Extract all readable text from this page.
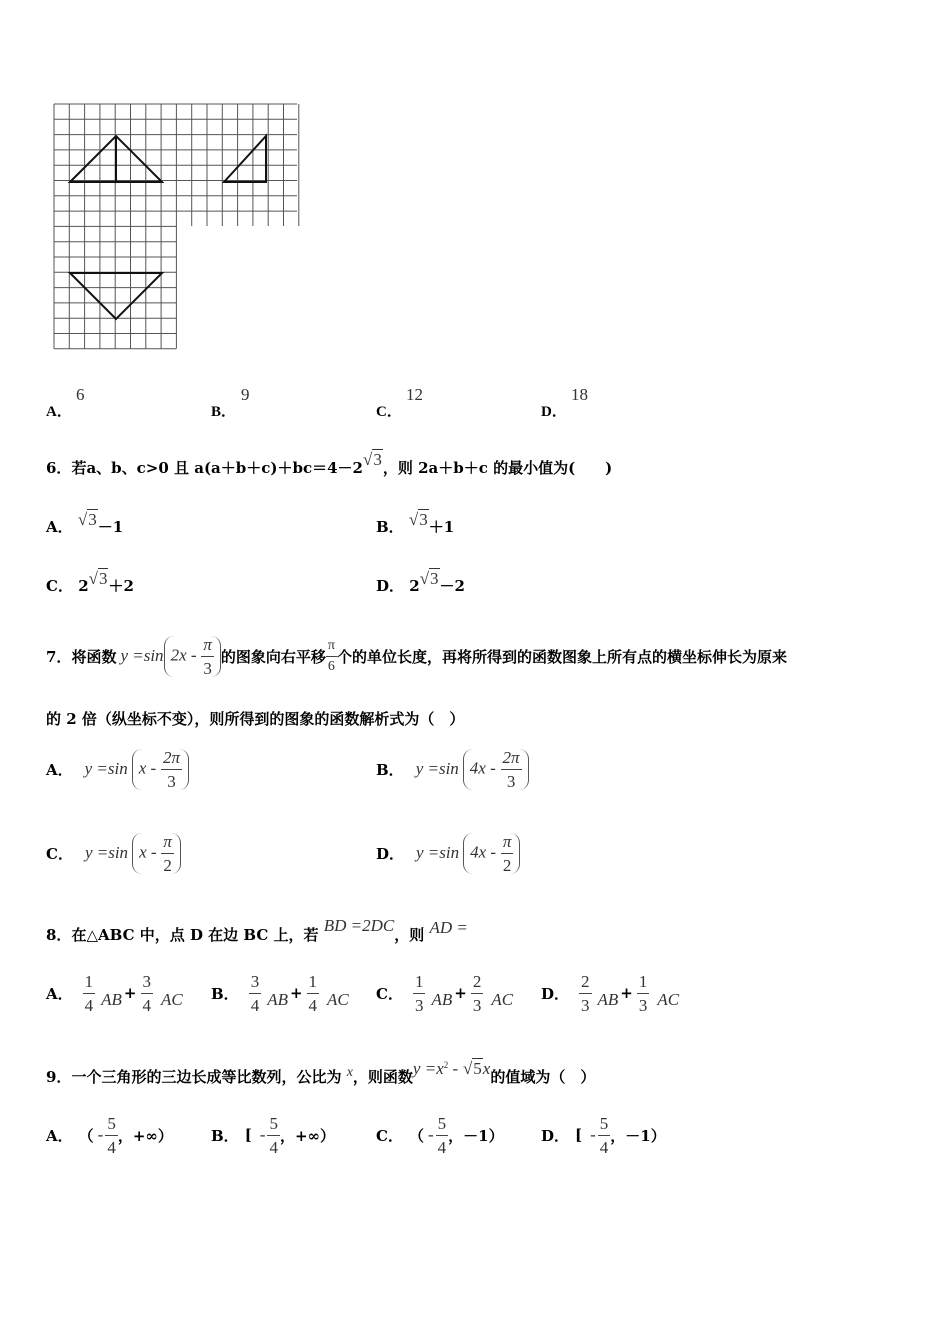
A．
6
B．
9
C．
12
D．
18
6．若a、b、c>0 且 a(a＋b＋c)＋bc＝4－2√3，则 2a＋b＋c 的最小值为(　　)
A． √3－1	B． √3＋1
C． 2√3＋2	D． 2√3－2
7． 将函数 y =sin $2x - \frac{\pi}{3}$ 的图象向右平移 $\frac{\pi}{6}$ 个的单位长度，再将所得到的函数图象上所有点的横坐标伸长为原来
的 2 倍（纵坐标不变），则所得到的图象的函数解析式为（　）
A． y =sin x - $\frac{2\pi}{3}$	B． y =sin $4x - \frac{2\pi}{3}$
C． y =sin x - $\frac{\pi}{2}$	D． y =sin $4x - \frac{\pi}{2}$
8．在△ABC 中，点 D 在边 BC 上，若 BD =2DC，则 AD =
A． $\frac{1}{4}$ AB + $\frac{3}{4}$ AC B． $\frac{3}{4}$ AB + $\frac{1}{4}$ AC C． $\frac{1}{3}$ AB + $\frac{2}{3}$ AC D． $\frac{2}{3}$ AB + $\frac{1}{3}$ AC
9．一个三角形的三边长成等比数列，公比为 x，则函数$y =x^2 - √5x$的值域为（　）
A． （ - $\frac{5}{4}$ ，+∞）	B． [ - $\frac{5}{4}$ ，+∞）	C． （ - $\frac{5}{4}$ ，－1） D． [ - $\frac{5}{4}$ ，－1）
